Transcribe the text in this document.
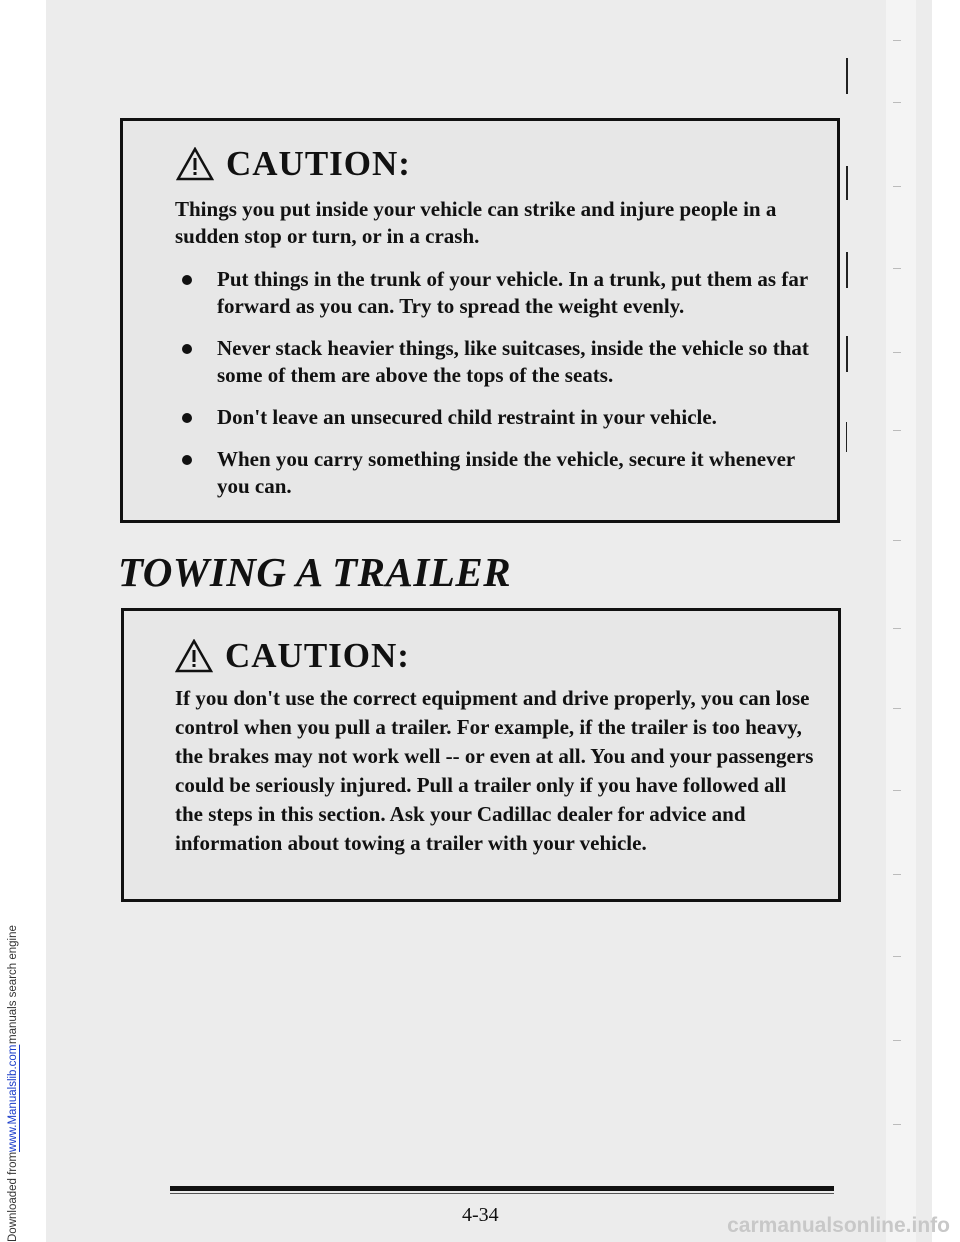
Downloaded from
www.Manualslib.com
manuals search engine
CAUTION:
Things you put inside your vehicle can strike and injure people in a sudden stop or turn, or in a crash.
Put things in the trunk of your vehicle. In a trunk, put them as far forward as you can. Try to spread the weight evenly.
Never stack heavier things, like suitcases, inside the vehicle so that some of them are above the tops of the seats.
Don't leave an unsecured child restraint in your vehicle.
When you carry something inside the vehicle, secure it whenever you can.
TOWING A TRAILER
CAUTION:
If you don't use the correct equipment and drive properly, you can lose control when you pull a trailer. For example, if the trailer is too heavy, the brakes may not work well -- or even at all. You and your passengers could be seriously injured. Pull a trailer only if you have followed all the steps in this section. Ask your Cadillac dealer for advice and information about towing a trailer with your vehicle.
4-34	carmanualsonline.info
